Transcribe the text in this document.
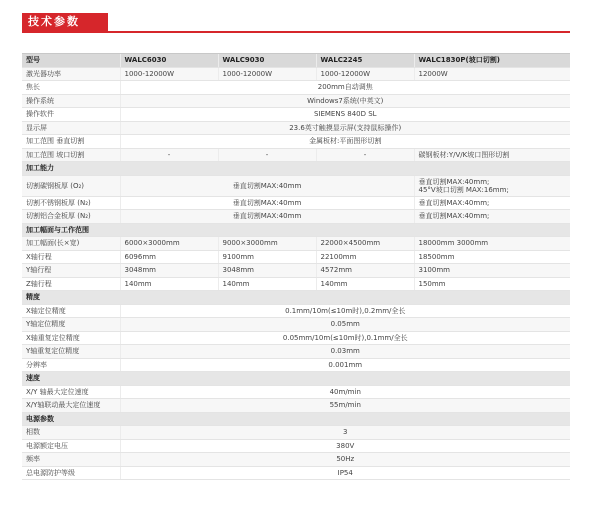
技术参数
型号	WALC6030	WALC9030	WALC2245	WALC1830P(坡口切割)
激光器功率	1000-12000W	1000-12000W	1000-12000W	12000W
焦长	200mm自动调焦			
操作系统	Windows7系统(中英文)			
操作软件	SIEMENS 840D SL			
显示屏	23.6英寸触摸显示屏(支持鼠标操作)			
加工范围 垂直切割	金属板材:平面图形切割			
加工范围 坡口切割	-	-	-	碳钢板材:Y/V/K坡口图形切割
加工能力				
切割碳钢板厚 (O₂)	垂直切割MAX:40mm			垂直切割MAX:40mm;
45°V坡口切割 MAX:16mm;

切割不锈钢板厚 (N₂)	垂直切割MAX:40mm			垂直切割MAX:40mm;
切割铝合金板厚 (N₂)	垂直切割MAX:40mm			垂直切割MAX:40mm;
加工幅面与工作范围				
加工幅面(长×宽)	6000×3000mm	9000×3000mm	22000×4500mm	18000mm 3000mm
X轴行程	6096mm	9100mm	22100mm	18500mm
Y轴行程	3048mm	3048mm	4572mm	3100mm
Z轴行程	140mm	140mm	140mm	150mm
精度				
X轴定位精度	0.1mm/10m(≤10m时),0.2mm/全长			
Y轴定位精度	0.05mm			
X轴重复定位精度	0.05mm/10m(≤10m时),0.1mm/全长			
Y轴重复定位精度	0.03mm			
分辨率	0.001mm			
速度				
X/Y 轴最大定位速度	40m/min			
X/Y轴联动最大定位速度	55m/min			
电源参数				
相数	3			
电源额定电压	380V			
频率	50Hz			
总电源防护等级	IP54			
